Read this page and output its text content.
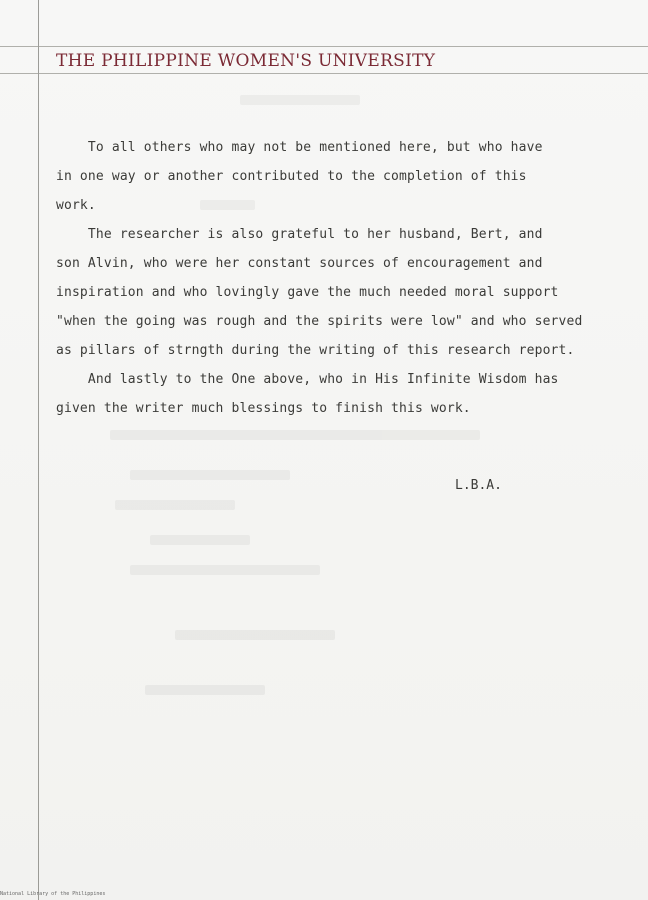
THE PHILIPPINE WOMEN'S UNIVERSITY
To all others who may not be mentioned here, but who have
in one way or another contributed to the completion of this
work.
The researcher is also grateful to her husband, Bert, and
son Alvin, who were her constant sources of encouragement and
inspiration and who lovingly gave the much needed moral support
"when the going was rough and the spirits were low" and who served
as pillars of strngth during the writing of this research report.
And lastly to the One above, who in His Infinite Wisdom has
given the writer much blessings to finish this work.
L.B.A.
National Library of the Philippines
